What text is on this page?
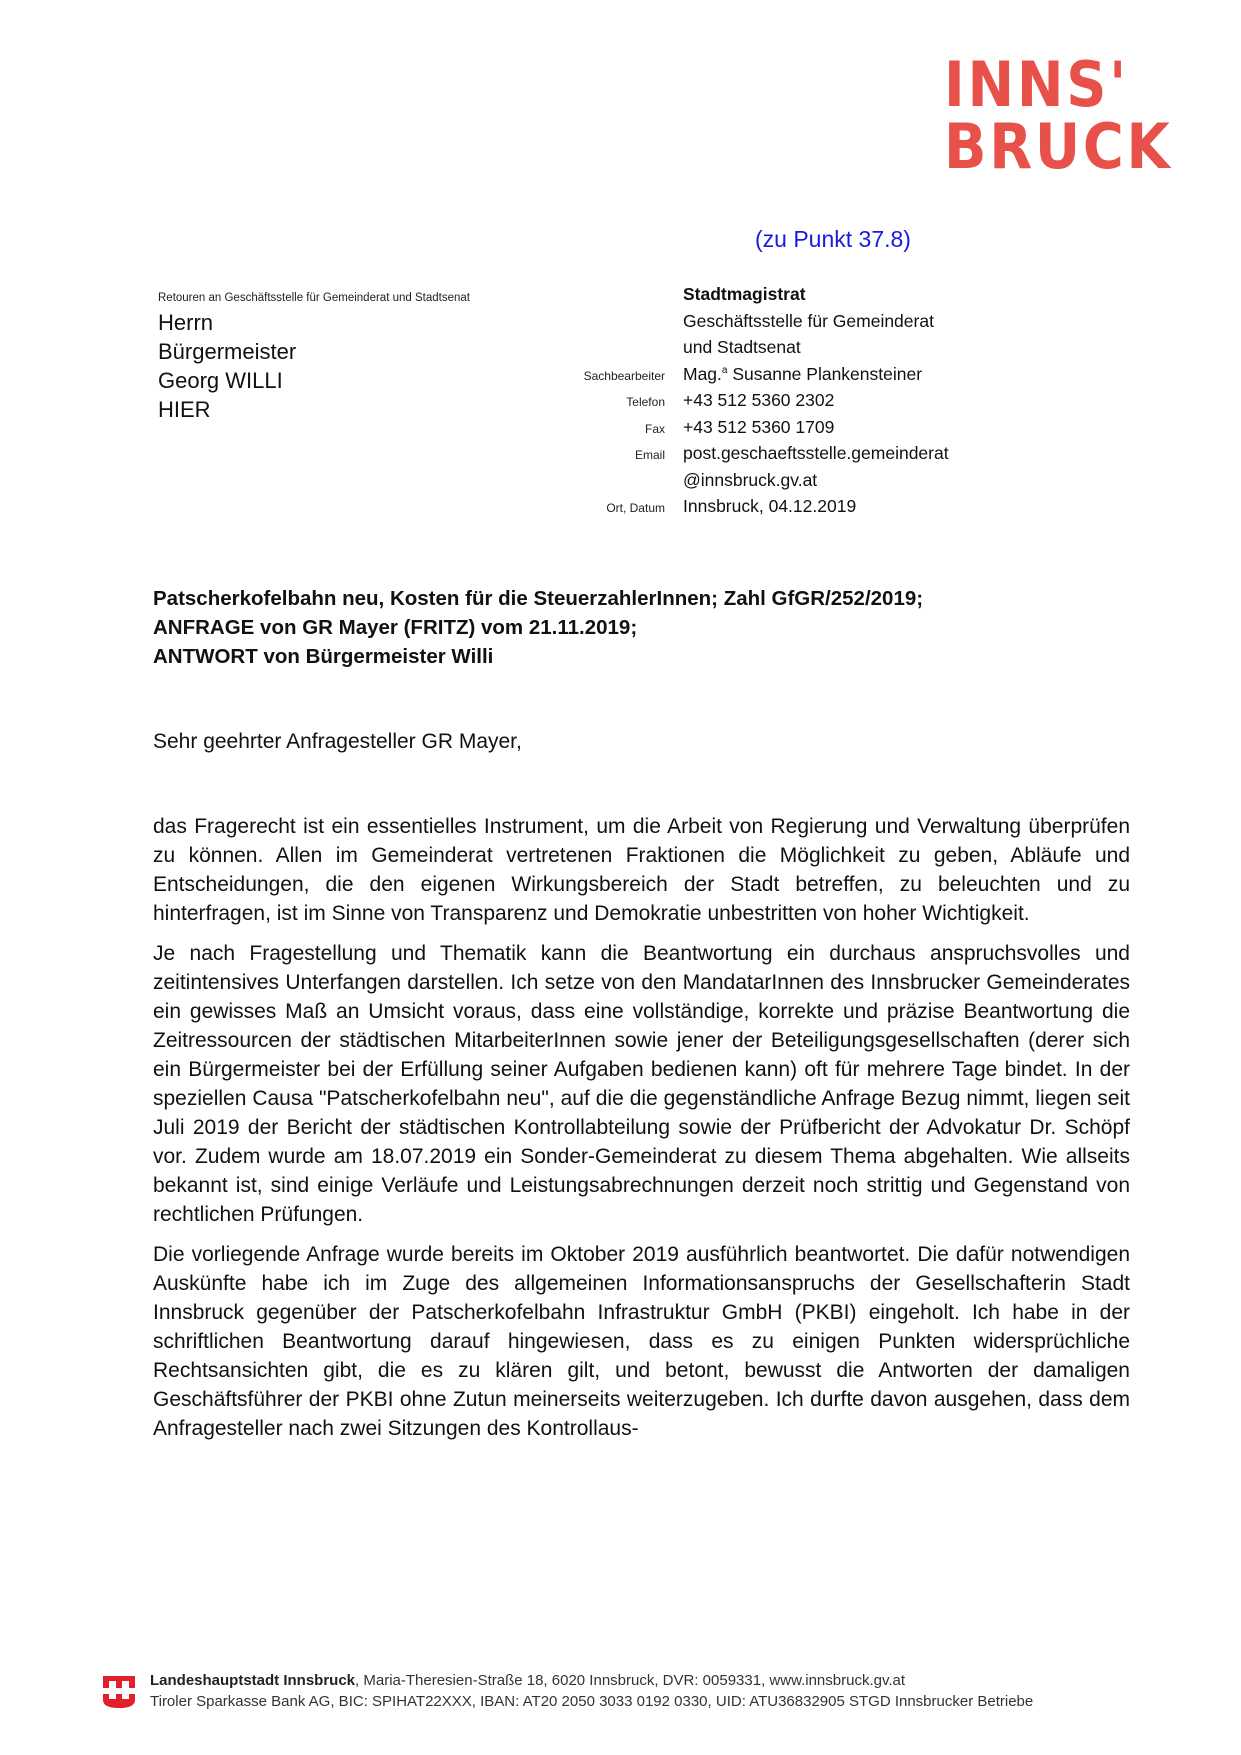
INNS'
BRUCK
(zu Punkt 37.8)
Retouren an Geschäftsstelle für Gemeinderat und Stadtsenat
Herrn
Bürgermeister
Georg WILLI
HIER
Stadtmagistrat
Geschäftsstelle für Gemeinderat
und Stadtsenat
Sachbearbeiter	Mag.$^a$ Susanne Plankensteiner
Telefon	+43 512 5360 2302
Fax	+43 512 5360 1709
Email	post.geschaeftsstelle.gemeinderat
@innsbruck.gv.at
Ort, Datum	Innsbruck, 04.12.2019
Patscherkofelbahn neu, Kosten für die SteuerzahlerInnen; Zahl GfGR/252/2019;
ANFRAGE von GR Mayer (FRITZ) vom 21.11.2019;
ANTWORT von Bürgermeister Willi
Sehr geehrter Anfragesteller GR Mayer,

das Fragerecht ist ein essentielles Instrument, um die Arbeit von Regierung und Verwaltung überprüfen zu können. Allen im Gemeinderat vertretenen Fraktionen die Möglichkeit zu geben, Abläufe und Entscheidungen, die den eigenen Wirkungsbereich der Stadt betreffen, zu beleuchten und zu hinterfragen, ist im Sinne von Transparenz und Demokratie unbestritten von hoher Wichtigkeit.

Je nach Fragestellung und Thematik kann die Beantwortung ein durchaus anspruchsvolles und zeitintensives Unterfangen darstellen. Ich setze von den MandatarInnen des Innsbrucker Gemeinderates ein gewisses Maß an Umsicht voraus, dass eine vollständige, korrekte und präzise Beantwortung die Zeitressourcen der städtischen MitarbeiterInnen sowie jener der Beteiligungsgesellschaften (derer sich ein Bürgermeister bei der Erfüllung seiner Aufgaben bedienen kann) oft für mehrere Tage bindet. In der speziellen Causa "Patscherkofelbahn neu", auf die die gegenständliche Anfrage Bezug nimmt, liegen seit Juli 2019 der Bericht der städtischen Kontrollabteilung sowie der Prüfbericht der Advokatur Dr. Schöpf vor. Zudem wurde am 18.07.2019 ein Sonder-Gemeinderat zu diesem Thema abgehalten. Wie allseits bekannt ist, sind einige Verläufe und Leistungsabrechnungen derzeit noch strittig und Gegenstand von rechtlichen Prüfungen.

Die vorliegende Anfrage wurde bereits im Oktober 2019 ausführlich beantwortet. Die dafür notwendigen Auskünfte habe ich im Zuge des allgemeinen Informationsanspruchs der Gesellschafterin Stadt Innsbruck gegenüber der Patscherkofelbahn Infrastruktur GmbH (PKBI) eingeholt. Ich habe in der schriftlichen Beantwortung darauf hingewiesen, dass es zu einigen Punkten widersprüchliche Rechtsansichten gibt, die es zu klären gilt, und betont, bewusst die Antworten der damaligen Geschäftsführer der PKBI ohne Zutun meinerseits weiterzugeben. Ich durfte davon ausgehen, dass dem Anfragesteller nach zwei Sitzungen des Kontrollaus-

Landeshauptstadt Innsbruck, Maria-Theresien-Straße 18, 6020 Innsbruck, DVR: 0059331, www.innsbruck.gv.at
Tiroler Sparkasse Bank AG, BIC: SPIHAT22XXX, IBAN: AT20 2050 3033 0192 0330, UID: ATU36832905 STGD Innsbrucker Betriebe
